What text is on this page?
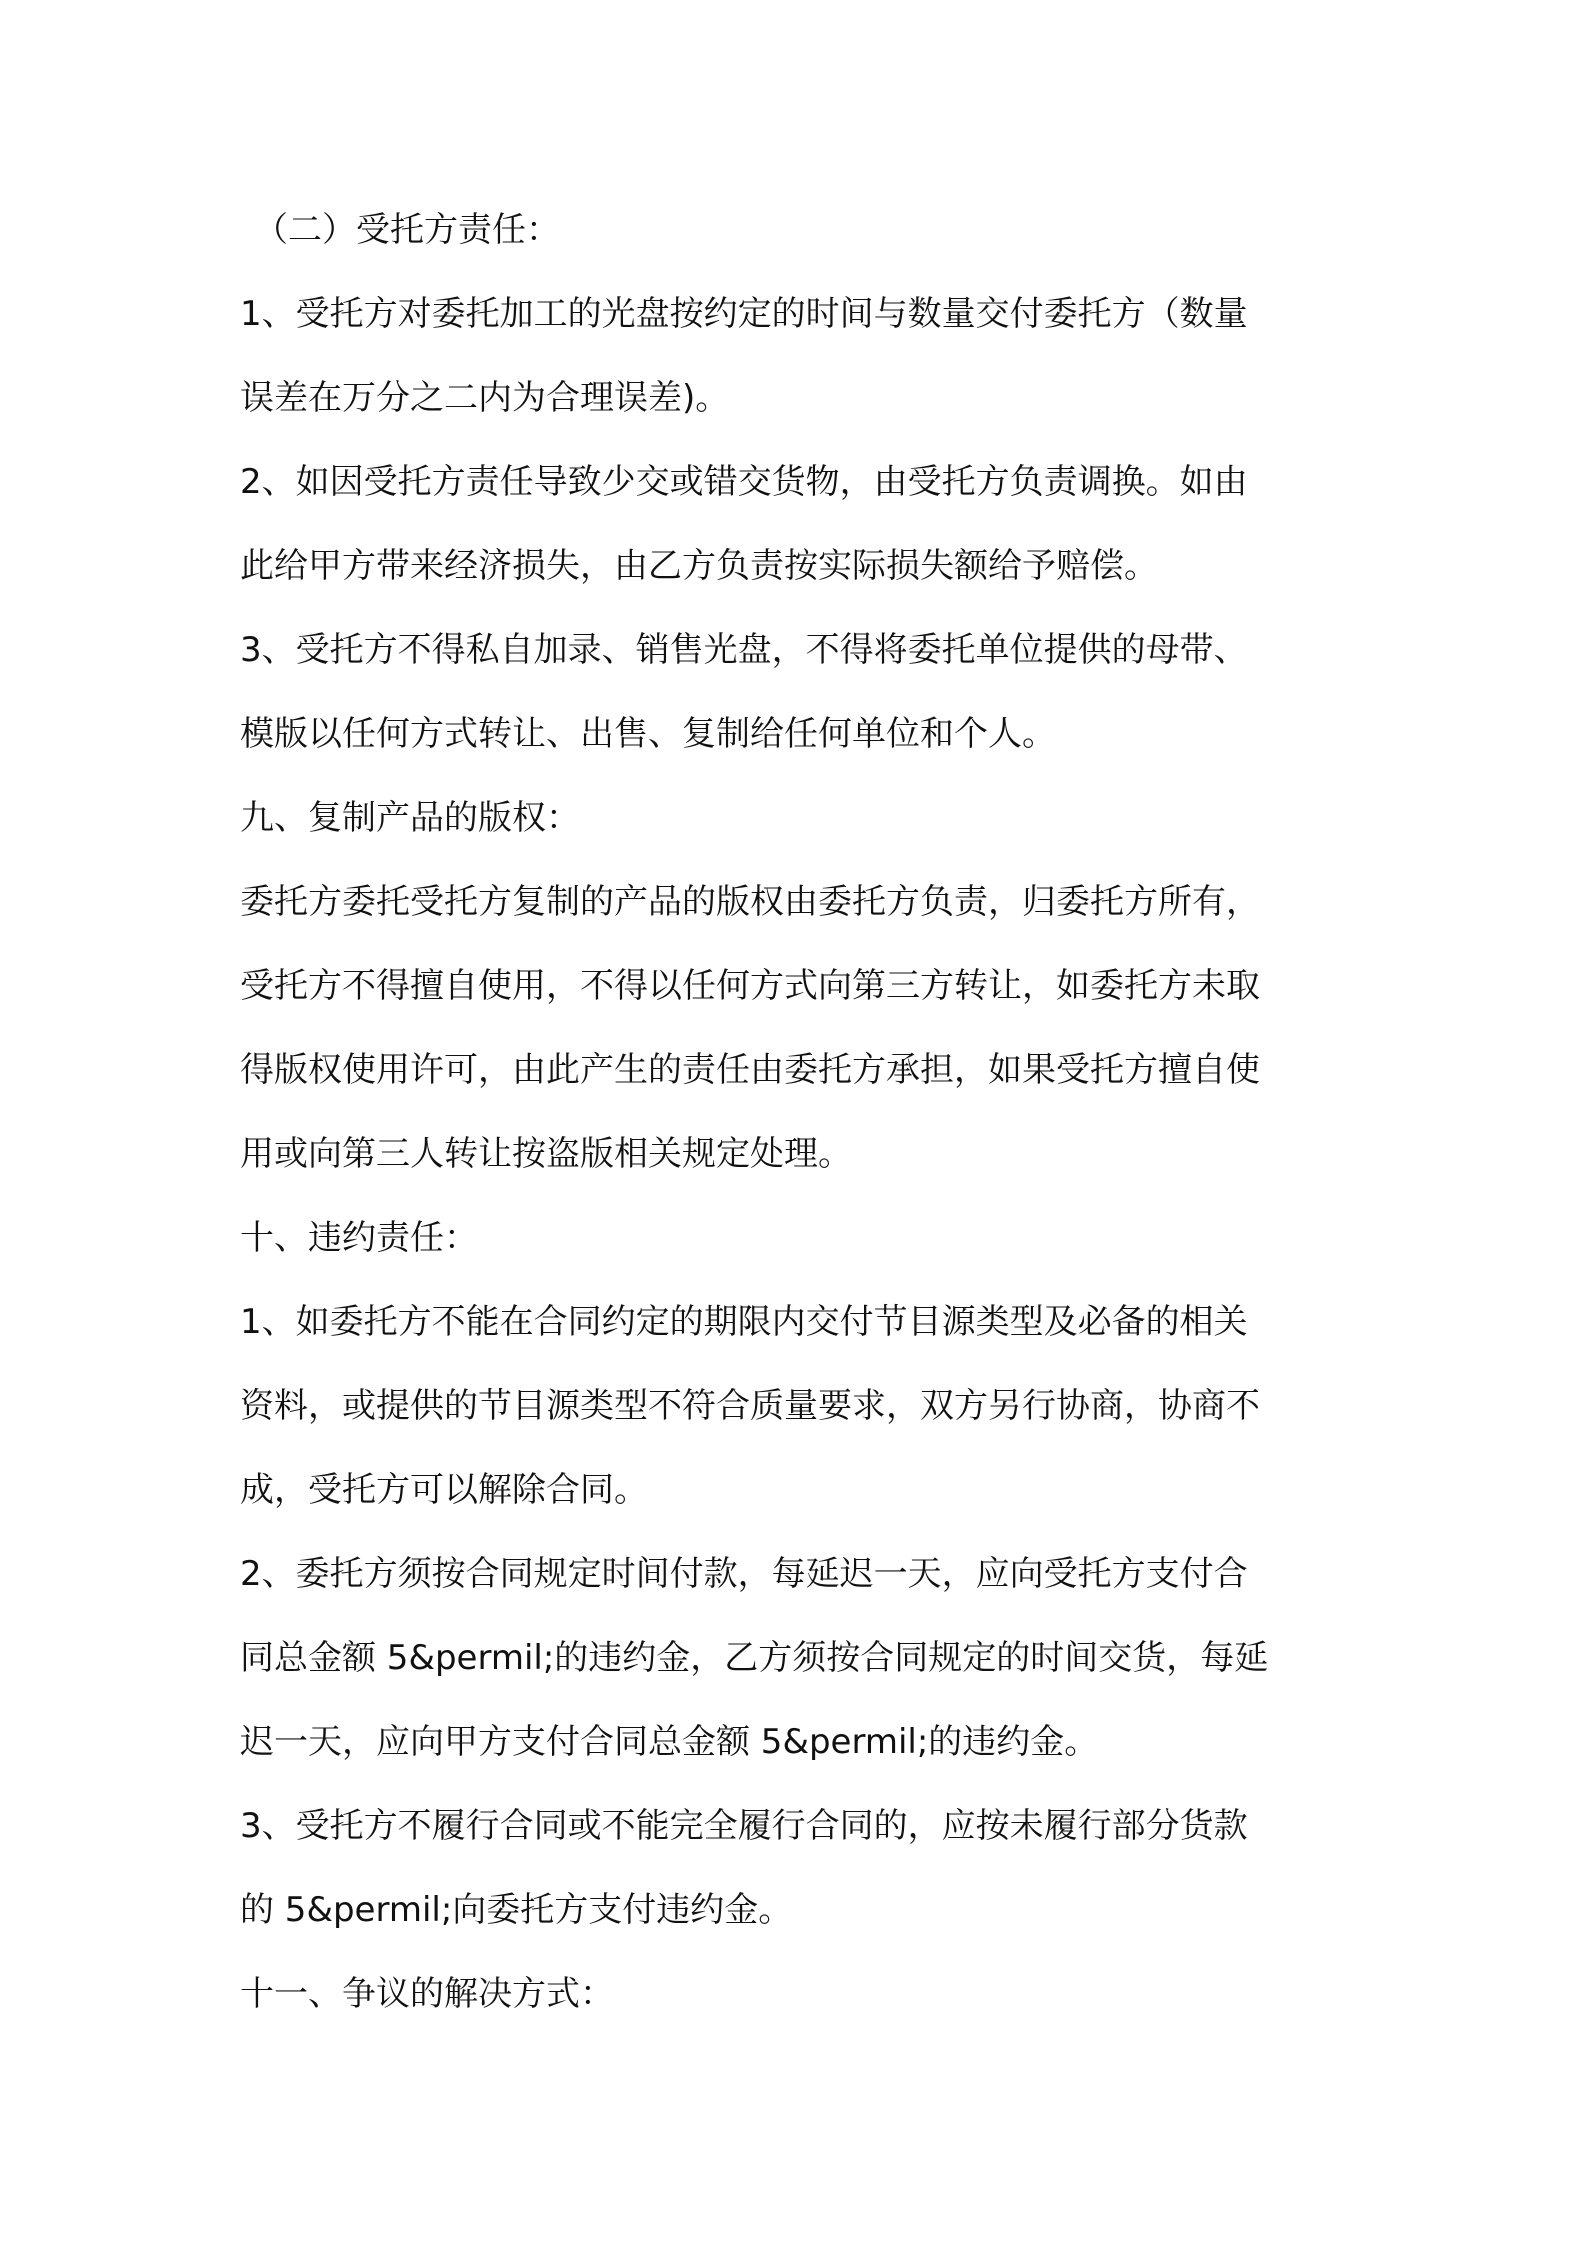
（二）受托方责任：
1、受托方对委托加工的光盘按约定的时间与数量交付委托方（数量
误差在万分之二内为合理误差)。
2、如因受托方责任导致少交或错交货物，由受托方负责调换。如由
此给甲方带来经济损失，由乙方负责按实际损失额给予赔偿。
3、受托方不得私自加录、销售光盘，不得将委托单位提供的母带、
模版以任何方式转让、出售、复制给任何单位和个人。
九、复制产品的版权：
委托方委托受托方复制的产品的版权由委托方负责，归委托方所有，
受托方不得擅自使用，不得以任何方式向第三方转让，如委托方未取
得版权使用许可，由此产生的责任由委托方承担，如果受托方擅自使
用或向第三人转让按盗版相关规定处理。
十、违约责任：
1、如委托方不能在合同约定的期限内交付节目源类型及必备的相关
资料，或提供的节目源类型不符合质量要求，双方另行协商，协商不
成，受托方可以解除合同。
2、委托方须按合同规定时间付款，每延迟一天，应向受托方支付合
同总金额 5&permil;的违约金，乙方须按合同规定的时间交货，每延
迟一天，应向甲方支付合同总金额 5&permil;的违约金。
3、受托方不履行合同或不能完全履行合同的，应按未履行部分货款
的 5&permil;向委托方支付违约金。
十一、争议的解决方式：
